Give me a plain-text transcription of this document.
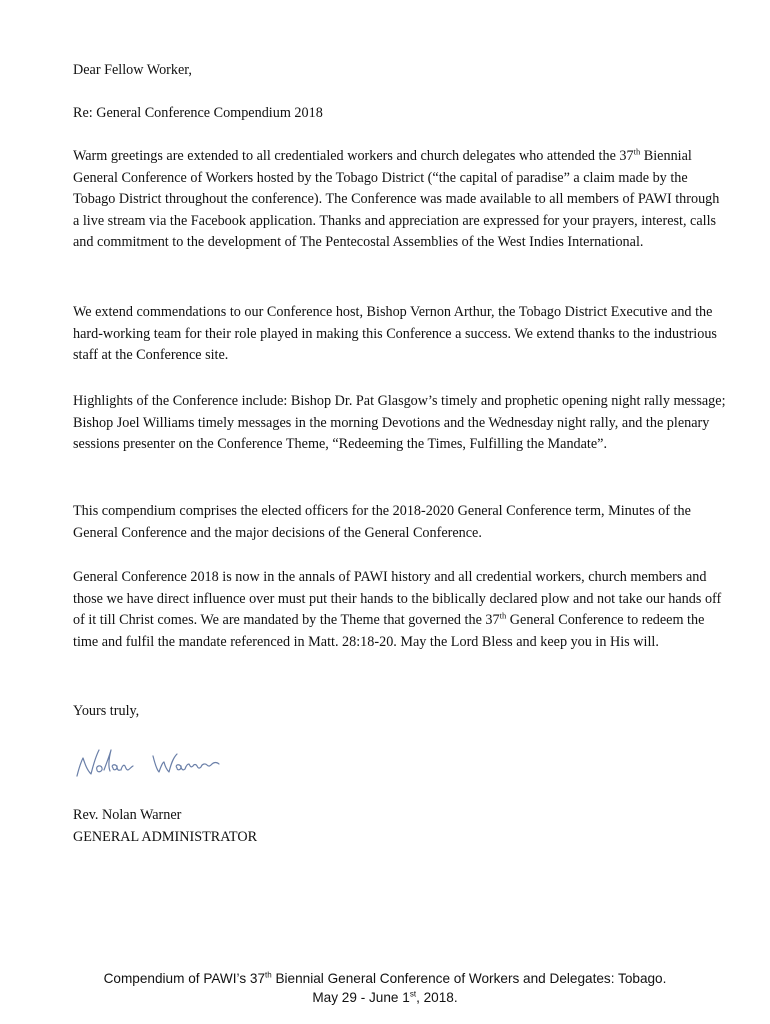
Dear Fellow Worker,

Re: General Conference Compendium 2018

Warm greetings are extended to all credentialed workers and church delegates who attended the 37th Biennial General Conference of Workers hosted by the Tobago District (“the capital of paradise” a claim made by the Tobago District throughout the conference). The Conference was made available to all members of PAWI through a live stream via the Facebook application. Thanks and appreciation are expressed for your prayers, interest, calls and commitment to the development of The Pentecostal Assemblies of the West Indies International.

We extend commendations to our Conference host, Bishop Vernon Arthur, the Tobago District Executive and the hard-working team for their role played in making this Conference a success. We extend thanks to the industrious staff at the Conference site.

Highlights of the Conference include: Bishop Dr. Pat Glasgow’s timely and prophetic opening night rally message; Bishop Joel Williams timely messages in the morning Devotions and the Wednesday night rally, and the plenary sessions presenter on the Conference Theme, “Redeeming the Times, Fulfilling the Mandate”.

This compendium comprises the elected officers for the 2018-2020 General Conference term, Minutes of the General Conference and the major decisions of the General Conference.

General Conference 2018 is now in the annals of PAWI history and all credential workers, church members and those we have direct influence over must put their hands to the biblically declared plow and not take our hands off of it till Christ comes. We are mandated by the Theme that governed the 37th General Conference to redeem the time and fulfil the mandate referenced in Matt. 28:18-20. May the Lord Bless and keep you in His will.

Yours truly,

Rev. Nolan Warner

GENERAL ADMINISTRATOR

Compendium of PAWI’s 37th Biennial General Conference of Workers and Delegates: Tobago.
May 29 - June 1st, 2018.
